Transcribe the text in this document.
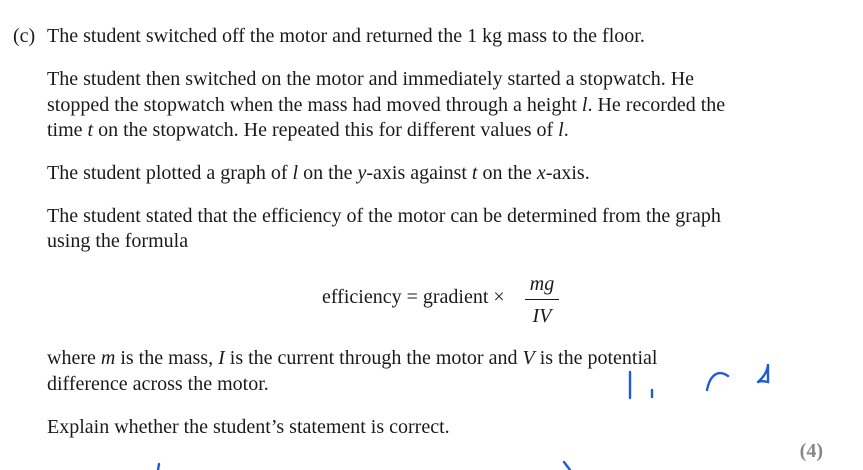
(c) The student switched off the motor and returned the 1 kg mass to the floor.
The student then switched on the motor and immediately started a stopwatch. He
stopped the stopwatch when the mass had moved through a height l. He recorded the
time t on the stopwatch. He repeated this for different values of l.
The student plotted a graph of l on the y-axis against t on the x-axis.
The student stated that the efficiency of the motor can be determined from the graph
using the formula
efficiency = gradient ×
mg
IV
where m is the mass, I is the current through the motor and V is the potential
difference across the motor.
Explain whether the student’s statement is correct.
(4)
